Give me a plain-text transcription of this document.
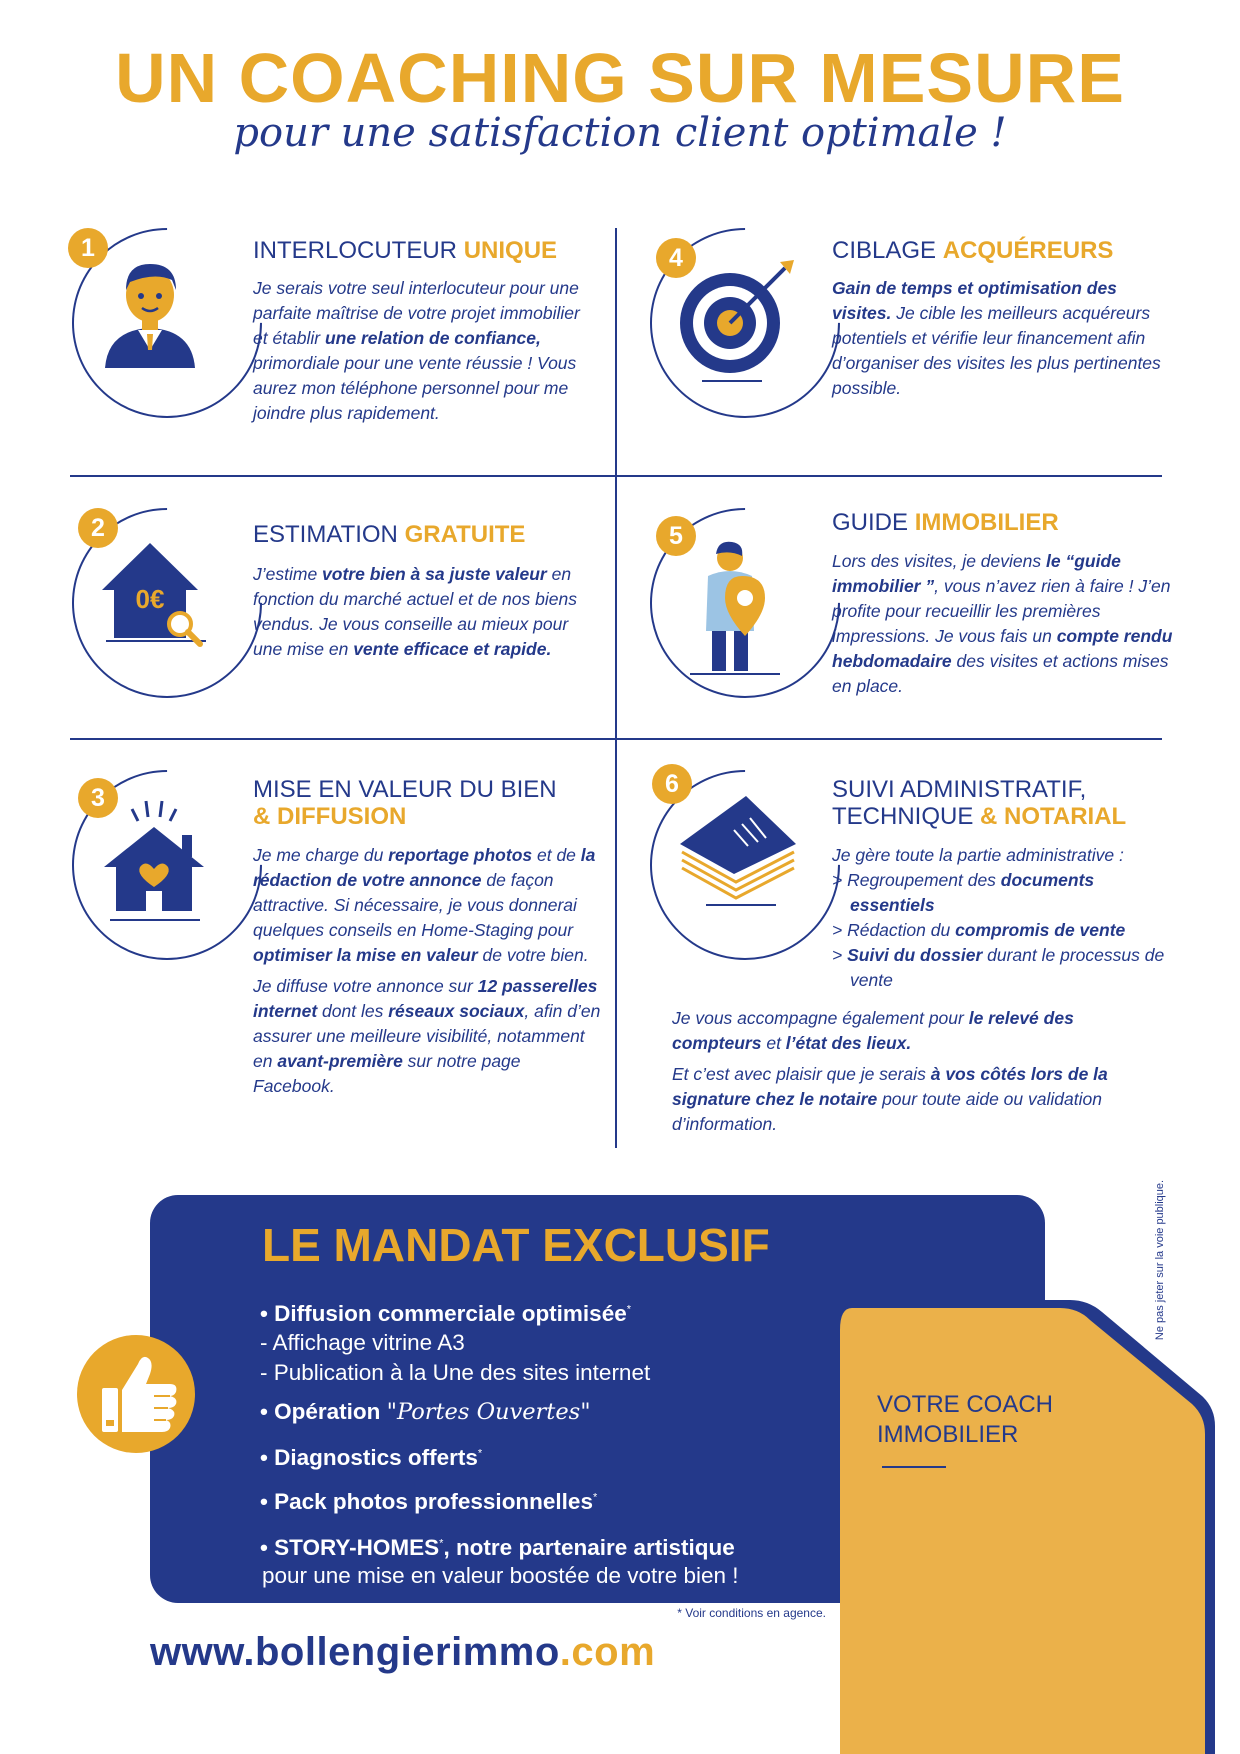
UN COACHING SUR MESURE
pour une satisfaction client optimale !
1	INTERLOCUTEUR UNIQUE
Je serais votre seul interlocuteur pour une parfaite maîtrise de votre projet immobilier et établir une relation de confiance, primordiale pour une vente réussie ! Vous aurez mon téléphone personnel pour me joindre plus rapidement.
4	CIBLAGE ACQUÉREURS
Gain de temps et optimisation des visites. Je cible les meilleurs acquéreurs potentiels et vérifie leur financement afin d’organiser des visites les plus pertinentes possible.
2
0€
ESTIMATION GRATUITE
J’estime votre bien à sa juste valeur en fonction du marché actuel et de nos biens vendus. Je vous conseille au mieux pour une mise en vente efficace et rapide.
5	GUIDE IMMOBILIER
Lors des visites, je deviens le “guide immobilier ”, vous n’avez rien à faire ! J’en profite pour recueillir les premières impressions. Je vous fais un compte rendu hebdomadaire des visites et actions mises en place.
3	MISE EN VALEUR DU BIEN
& DIFFUSION

Je me charge du reportage photos et de la rédaction de votre annonce de façon attractive. Si nécessaire, je vous donnerai quelques conseils en Home-Staging pour optimiser la mise en valeur de votre bien.

Je diffuse votre annonce sur 12 passerelles internet dont les réseaux sociaux, afin d’en assurer une meilleure visibilité, notamment en avant-première sur notre page Facebook.

6	SUIVI ADMINISTRATIF,
TECHNIQUE & NOTARIAL
Je gère toute la partie administrative :
> Regroupement des documents essentiels
> Rédaction du compromis de vente
> Suivi du dossier durant le processus de vente

Je vous accompagne également pour le relevé des compteurs et l’état des lieux.

Et c’est avec plaisir que je serais à vos côtés lors de la signature chez le notaire pour toute aide ou validation d’information.

LE MANDAT EXCLUSIF
• Diffusion commerciale optimisée*
- Affichage vitrine A3
- Publication à la Une des sites internet
• Opération "Portes Ouvertes"
• Diagnostics offerts*
• Pack photos professionnelles*
• STORY-HOMES*, notre partenaire artistique
pour une mise en valeur boostée de votre bien !
VOTRE COACH
IMMOBILIER
* Voir conditions en agence.
www.bollengierimmo.com
Ne pas jeter sur la voie publique.
